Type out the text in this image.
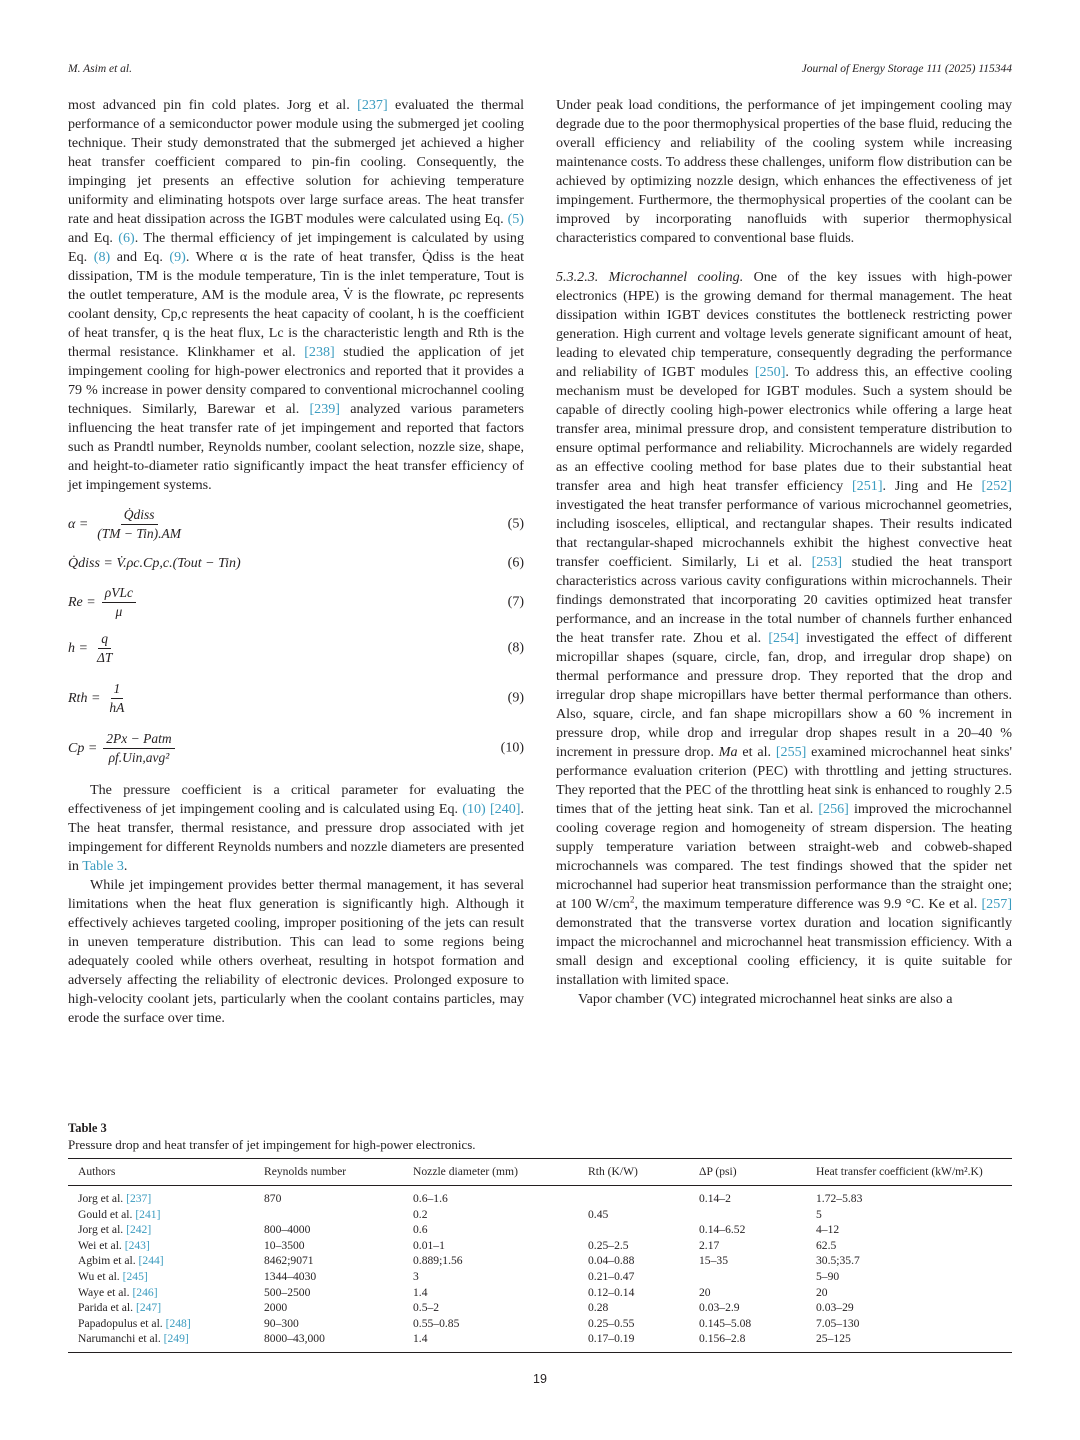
M. Asim et al.	Journal of Energy Storage 111 (2025) 115344

most advanced pin fin cold plates. Jorg et al. [237] evaluated the thermal performance of a semiconductor power module using the submerged jet cooling technique. Their study demonstrated that the submerged jet achieved a higher heat transfer coefficient compared to pin-fin cooling. Consequently, the impinging jet presents an effective solution for achieving temperature uniformity and eliminating hotspots over large surface areas. The heat transfer rate and heat dissipation across the IGBT modules were calculated using Eq. (5) and Eq. (6). The thermal efficiency of jet impingement is calculated by using Eq. (8) and Eq. (9). Where α is the rate of heat transfer, Q̇diss is the heat dissipation, TM is the module temperature, Tin is the inlet temperature, Tout is the outlet temperature, AM is the module area, V̇ is the flowrate, ρc represents coolant density, Cp,c represents the heat capacity of coolant, h is the coefficient of heat transfer, q is the heat flux, Lc is the characteristic length and Rth is the thermal resistance. Klinkhamer et al. [238] studied the application of jet impingement cooling for high-power electronics and reported that it provides a 79 % increase in power density compared to conventional microchannel cooling techniques. Similarly, Barewar et al. [239] analyzed various parameters influencing the heat transfer rate of jet impingement and reported that factors such as Prandtl number, Reynolds number, coolant selection, nozzle size, shape, and height-to-diameter ratio significantly impact the heat transfer efficiency of jet impingement systems.

$\alpha = \frac{\text{Q̇diss}}{\text{(TM − Tin).AM}}$	(5)
Q̇diss = V̇.ρc.Cp,c.(Tout − Tin)	(6)
$Re = \frac{\text{ρVLc}}{\mu}$	(7)
$h = \frac{q}{\Delta T}$	(8)
Rth = $\frac{1}{hA}$	(9)
$Cp = \frac{\text{2Px − Patm}}{\text{ρf.Uin,avg²}}$	(10)

The pressure coefficient is a critical parameter for evaluating the effectiveness of jet impingement cooling and is calculated using Eq. (10) [240]. The heat transfer, thermal resistance, and pressure drop associated with jet impingement for different Reynolds numbers and nozzle diameters are presented in Table 3.

While jet impingement provides better thermal management, it has several limitations when the heat flux generation is significantly high. Although it effectively achieves targeted cooling, improper positioning of the jets can result in uneven temperature distribution. This can lead to some regions being adequately cooled while others overheat, resulting in hotspot formation and adversely affecting the reliability of electronic devices. Prolonged exposure to high-velocity coolant jets, particularly when the coolant contains particles, may erode the surface over time.

Under peak load conditions, the performance of jet impingement cooling may degrade due to the poor thermophysical properties of the base fluid, reducing the overall efficiency and reliability of the cooling system while increasing maintenance costs. To address these challenges, uniform flow distribution can be achieved by optimizing nozzle design, which enhances the effectiveness of jet impingement. Furthermore, the thermophysical properties of the coolant can be improved by incorporating nanofluids with superior thermophysical characteristics compared to conventional base fluids.

5.3.2.3. Microchannel cooling. One of the key issues with high-power electronics (HPE) is the growing demand for thermal management. The heat dissipation within IGBT devices constitutes the bottleneck restricting power generation. High current and voltage levels generate significant amount of heat, leading to elevated chip temperature, consequently degrading the performance and reliability of IGBT modules [250]. To address this, an effective cooling mechanism must be developed for IGBT modules. Such a system should be capable of directly cooling high-power electronics while offering a large heat transfer area, minimal pressure drop, and consistent temperature distribution to ensure optimal performance and reliability. Microchannels are widely regarded as an effective cooling method for base plates due to their substantial heat transfer area and high heat transfer efficiency [251]. Jing and He [252] investigated the heat transfer performance of various microchannel geometries, including isosceles, elliptical, and rectangular shapes. Their results indicated that rectangular-shaped microchannels exhibit the highest convective heat transfer coefficient. Similarly, Li et al. [253] studied the heat transport characteristics across various cavity configurations within microchannels. Their findings demonstrated that incorporating 20 cavities optimized heat transfer performance, and an increase in the total number of channels further enhanced the heat transfer rate. Zhou et al. [254] investigated the effect of different micropillar shapes (square, circle, fan, drop, and irregular drop shape) on thermal performance and pressure drop. They reported that the drop and irregular drop shape micropillars have better thermal performance than others. Also, square, circle, and fan shape micropillars show a 60 % increment in pressure drop, while drop and irregular drop shapes result in a 20–40 % increment in pressure drop. Ma et al. [255] examined microchannel heat sinks' performance evaluation criterion (PEC) with throttling and jetting structures. They reported that the PEC of the throttling heat sink is enhanced to roughly 2.5 times that of the jetting heat sink. Tan et al. [256] improved the microchannel cooling coverage region and homogeneity of stream dispersion. The heating supply temperature variation between straight-web and cobweb-shaped microchannels was compared. The test findings showed that the spider net microchannel had superior heat transmission performance than the straight one; at 100 $W/cm^2$, the maximum temperature difference was 9.9 °C. Ke et al. [257] demonstrated that the transverse vortex duration and location significantly impact the microchannel and microchannel heat transmission efficiency. With a small design and exceptional cooling efficiency, it is quite suitable for installation with limited space.

Vapor chamber (VC) integrated microchannel heat sinks are also a

Table 3
Pressure drop and heat transfer of jet impingement for high-power electronics.
Authors	Reynolds number	Nozzle diameter (mm)	Rth (K/W)	ΔP (psi)	Heat transfer coefficient (kW/m².K)
Jorg et al. [237]	870	0.6–1.6		0.14–2	1.72–5.83
Gould et al. [241]		0.2	0.45		5
Jorg et al. [242]	800–4000	0.6		0.14–6.52	4–12
Wei et al. [243]	10–3500	0.01–1	0.25–2.5	2.17	62.5
Agbim et al. [244]	8462;9071	0.889;1.56	0.04–0.88	15–35	30.5;35.7
Wu et al. [245]	1344–4030	3	0.21–0.47		5–90
Waye et al. [246]	500–2500	1.4	0.12–0.14	20	20
Parida et al. [247]	2000	0.5–2	0.28	0.03–2.9	0.03–29
Papadopulus et al. [248]	90–300	0.55–0.85	0.25–0.55	0.145–5.08	7.05–130
Narumanchi et al. [249]	8000–43,000	1.4	0.17–0.19	0.156–2.8	25–125
19
